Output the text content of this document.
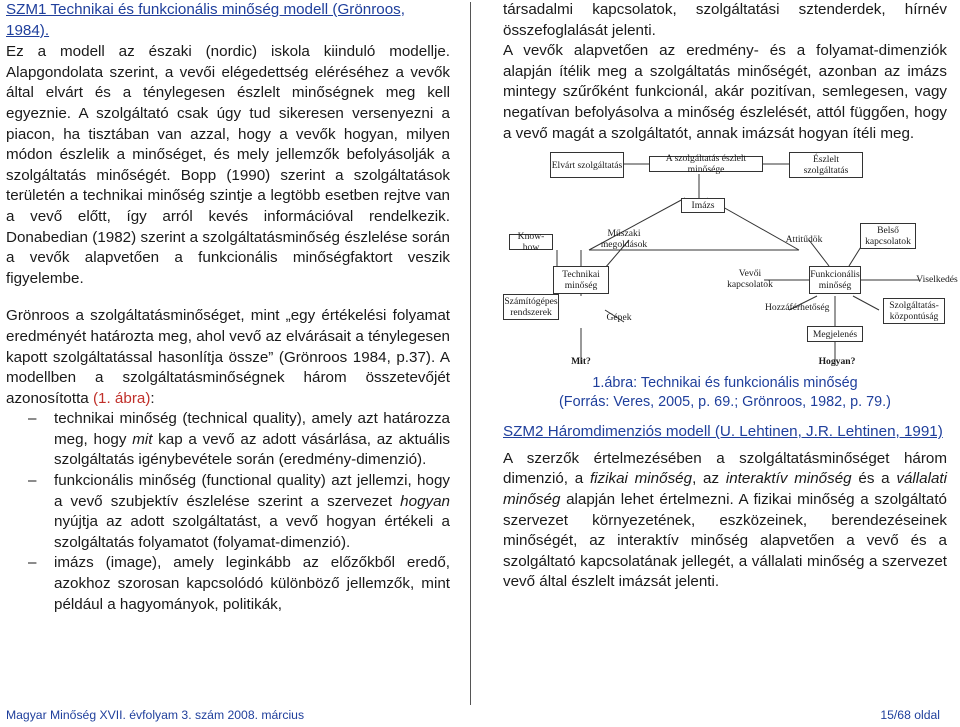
SZM1 Technikai és funkcionális minőség modell (Grönroos, 1984).

Ez a modell az északi (nordic) iskola kiinduló modellje. Alapgondolata szerint, a vevői elégedettség eléréséhez a vevők által elvárt és a ténylegesen észlelt minőségnek meg kell egyeznie. A szolgáltató csak úgy tud sikeresen versenyezni a piacon, ha tisztában van azzal, hogy a vevők hogyan, milyen módon észlelik a minőséget, és mely jellemzők befolyásolják a szolgáltatás minőségét. Bopp (1990) szerint a szolgáltatások területén a technikai minőség szintje a legtöbb esetben rejtve van a vevő előtt, így arról kevés információval rendelkezik. Donabedian (1982) szerint a szolgáltatásminőség észlelése során a vevők alapvetően a funkcionális minőségfaktort veszik figyelembe.

Grönroos a szolgáltatásminőséget, mint „egy értékelési folyamat eredményét határozta meg, ahol vevő az elvárásait a ténylegesen kapott szolgáltatással hasonlítja össze” (Grönroos 1984, p.37). A modellben a szolgáltatásminőségnek három összetevőjét azonosította (1. ábra):

– technikai minőség (technical quality), amely azt határozza meg, hogy mit kap a vevő az adott vásárlása, az aktuális szolgáltatás igénybevétele során (eredmény-dimenzió).
– funkcionális minőség (functional quality) azt jellemzi, hogy a vevő szubjektív észlelése szerint a szervezet hogyan nyújtja az adott szolgáltatást, a vevő hogyan értékeli a szolgáltatás folyamatot (folyamat-dimenzió).
– imázs (image), amely leginkább az előzőkből eredő, azokhoz szorosan kapcsolódó különböző jellemzők, mint például a hagyományok, politikák,

társadalmi kapcsolatok, szolgáltatási sztenderdek, hírnév összefoglalását jelenti.

A vevők alapvetően az eredmény- és a folyamat-dimenziók alapján ítélik meg a szolgáltatás minőségét, azonban az imázs mintegy szűrőként funkcionál, akár pozitívan, semlegesen, vagy negatívan befolyásolva a minőség észlelését, attól függően, hogy a vevő magát a szolgáltatót, annak imázsát hogyan ítéli meg.

Elvárt szolgáltatás
A szolgáltatás észlelt minősége
Észlelt szolgáltatás
Imázs
Know-how
Műszaki megoldások	Attitűdök
Belső kapcsolatok
Technikai minőség
Vevői kapcsolatok
Funkcionális minőség
Viselkedés
Számítógépes rendszerek	Gépek
Hozzáférhetőség	Szolgáltatás-központúság
Megjelenés
Mit?	Hogyan?

1.ábra: Technikai és funkcionális minőség

(Forrás: Veres, 2005, p. 69.; Grönroos, 1982, p. 79.)

SZM2 Háromdimenziós modell (U. Lehtinen, J.R. Lehtinen, 1991)

A szerzők értelmezésében a szolgáltatásminőséget három dimenzió, a fizikai minőség, az interaktív minőség és a vállalati minőség alapján lehet értelmezni. A fizikai minőség a szolgáltató szervezet környezetének, eszközeinek, berendezéseinek minőségét, az interaktív minőség alapvetően a vevő és a szolgáltató kapcsolatának jellegét, a vállalati minőség a szervezet vevő által észlelt imázsát jelenti.

Magyar Minőség XVII. évfolyam 3. szám 2008. március	15/68 oldal
